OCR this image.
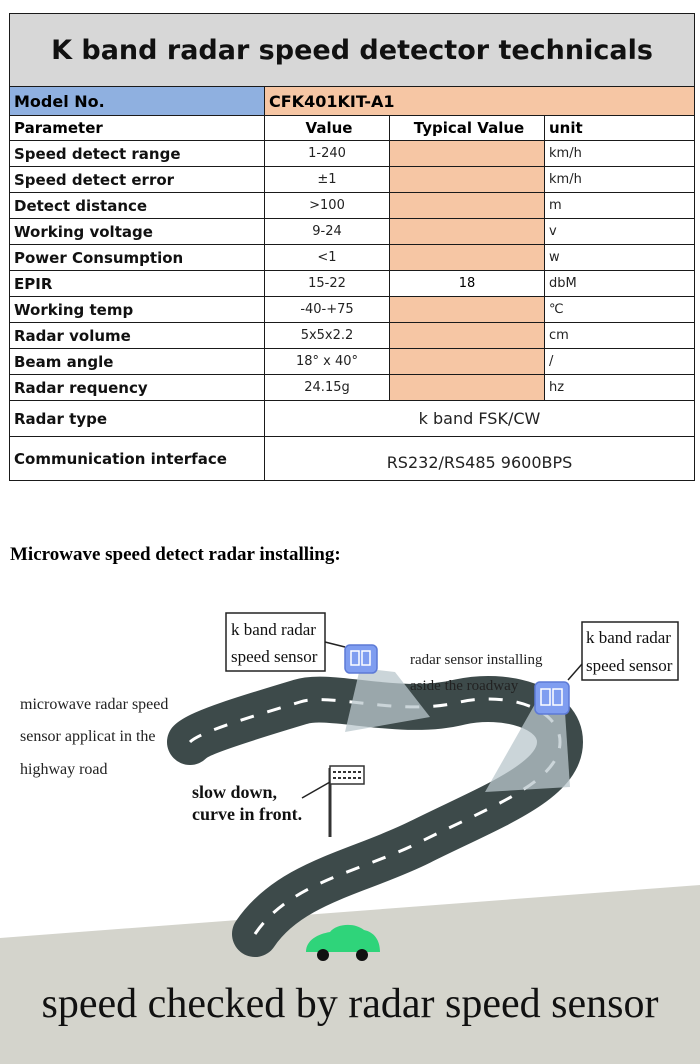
K band radar speed detector technicals			
Model No.	CFK401KIT-A1		
Parameter	Value	Typical Value	unit
Speed detect range	1-240		km/h
Speed detect error	±1		km/h
Detect distance	>100		m
Working voltage	9-24		v
Power Consumption	<1		w
EPIR	15-22	18	dbM
Working temp	-40-+75		℃
Radar volume	5x5x2.2		cm
Beam angle	18° x 40°		/
Radar requency	24.15g		hz
Radar type	k band FSK/CW		
Communication interface	RS232/RS485 9600BPS		
Microwave speed detect radar installing:
k band radar speed sensor
k band radar speed sensor
radar sensor installing aside the roadway
microwave radar speed sensor applicat in the highway road
slow down, curve in front.
speed checked by radar speed sensor
